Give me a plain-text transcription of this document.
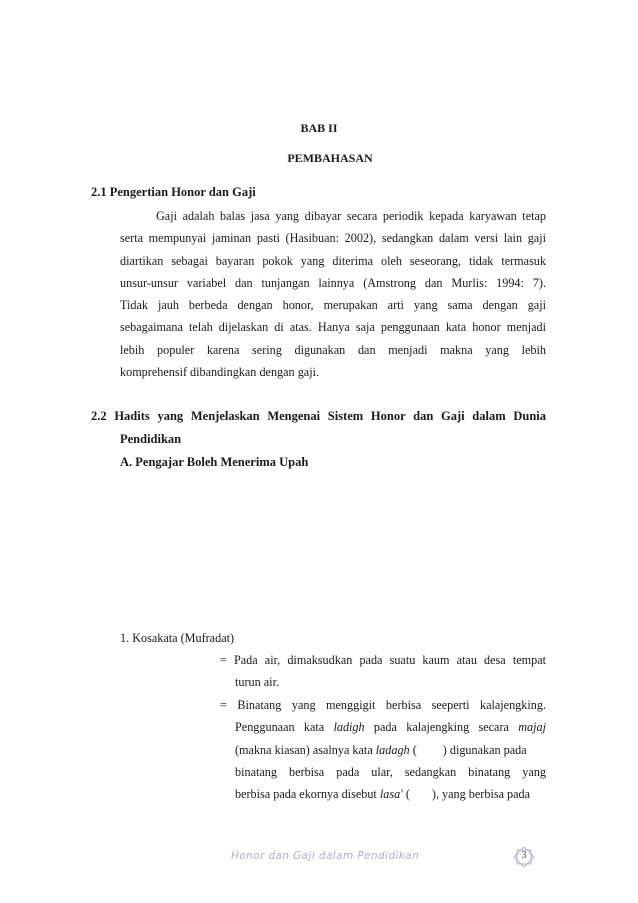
BAB II
PEMBAHASAN
2.1 Pengertian Honor dan Gaji
Gaji adalah balas jasa yang dibayar secara periodik kepada karyawan tetap
serta mempunyai jaminan pasti (Hasibuan: 2002), sedangkan dalam versi lain gaji
diartikan sebagai bayaran pokok yang diterima oleh seseorang, tidak termasuk
unsur-unsur variabel dan tunjangan lainnya (Amstrong dan Murlis: 1994: 7).
Tidak jauh berbeda dengan honor, merupakan arti yang sama dengan gaji
sebagaimana telah dijelaskan di atas. Hanya saja penggunaan kata honor menjadi
lebih populer karena sering digunakan dan menjadi makna yang lebih
komprehensif dibandingkan dengan gaji.
2.2 Hadits yang Menjelaskan Mengenai Sistem Honor dan Gaji dalam Dunia
Pendidikan
A. Pengajar Boleh Menerima Upah
1. Kosakata (Mufradat)
= Pada air, dimaksudkan pada suatu kaum atau desa tempat
turun air.
= Binatang yang menggigit berbisa seeperti kalajengking.
Penggunaan kata ladigh pada kalajengking secara majaj
(makna kiasan) asalnya kata ladagh ( ) digunakan pada
binatang berbisa pada ular, sedangkan binatang yang
berbisa pada ekornya disebut lasa' ( ), yang berbisa pada
Honor dan Gaji dalam Pendidikan	3
